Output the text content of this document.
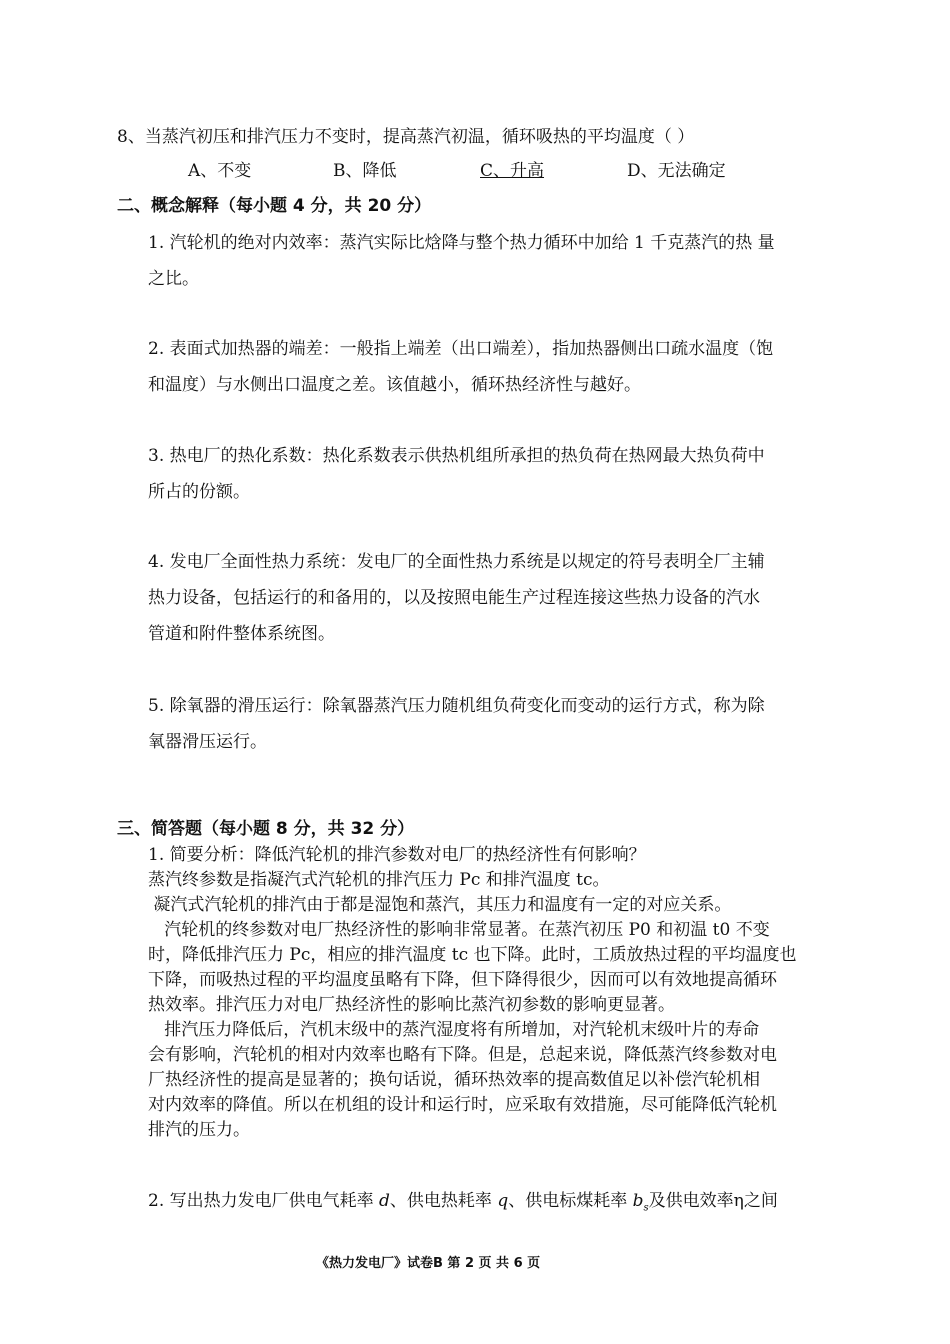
8、当蒸汽初压和排汽压力不变时，提高蒸汽初温，循环吸热的平均温度（ ）
A、不变	B、降低	C、升高	D、无法确定
二、概念解释（每小题 4 分，共 20 分）
1. 汽轮机的绝对内效率：蒸汽实际比焓降与整个热力循环中加给 1 千克蒸汽的热 量
之比。
2. 表面式加热器的端差：一般指上端差（出口端差），指加热器侧出口疏水温度（饱
和温度）与水侧出口温度之差。该值越小，循环热经济性与越好。
3. 热电厂的热化系数：热化系数表示供热机组所承担的热负荷在热网最大热负荷中
所占的份额。
4. 发电厂全面性热力系统：发电厂的全面性热力系统是以规定的符号表明全厂主辅
热力设备，包括运行的和备用的，以及按照电能生产过程连接这些热力设备的汽水
管道和附件整体系统图。
5. 除氧器的滑压运行：除氧器蒸汽压力随机组负荷变化而变动的运行方式，称为除
氧器滑压运行。
三、简答题（每小题 8 分，共 32 分）
1. 简要分析：降低汽轮机的排汽参数对电厂的热经济性有何影响？
蒸汽终参数是指凝汽式汽轮机的排汽压力 Pc 和排汽温度 tc。
凝汽式汽轮机的排汽由于都是湿饱和蒸汽，其压力和温度有一定的对应关系。
汽轮机的终参数对电厂热经济性的影响非常显著。在蒸汽初压 P0 和初温 t0 不变
时，降低排汽压力 Pc，相应的排汽温度 tc 也下降。此时，工质放热过程的平均温度也
下降，而吸热过程的平均温度虽略有下降，但下降得很少，因而可以有效地提高循环
热效率。排汽压力对电厂热经济性的影响比蒸汽初参数的影响更显著。
排汽压力降低后，汽机末级中的蒸汽湿度将有所增加，对汽轮机末级叶片的寿命
会有影响，汽轮机的相对内效率也略有下降。但是，总起来说，降低蒸汽终参数对电
厂热经济性的提高是显著的；换句话说，循环热效率的提高数值足以补偿汽轮机相
对内效率的降值。所以在机组的设计和运行时，应采取有效措施，尽可能降低汽轮机
排汽的压力。
2. 写出热力发电厂供电气耗率 d、供电热耗率 q、供电标煤耗率 $b_s$及供电效率η之间
《热力发电厂》试卷B 第 2 页 共 6 页
